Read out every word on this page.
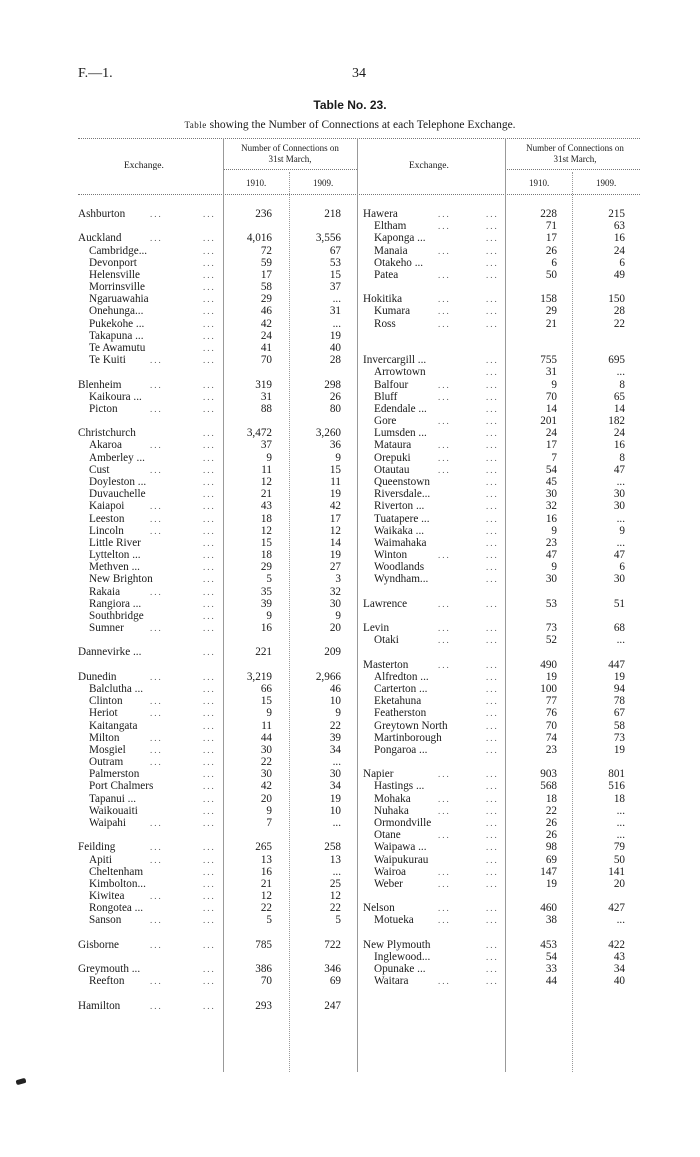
F.—1.	34
Table No. 23.
Table showing the Number of Connections at each Telephone Exchange.
Exchange.
Number of Connections on
31st March,
1910.	1909.
Exchange.
Number of Connections on
31st March,
1910.	1909.
Ashburton	...	...	236	218
Auckland	...	...	4,016	3,556
Cambridge...	...	72	67
Devonport	...	59	53
Helensville	...	17	15
Morrinsville	...	58	37
Ngaruawahia	...	29	...
Onehunga...	...	46	31
Pukekohe ...	...	42	...
Takapuna ...	...	24	19
Te Awamutu	...	41	40
Te Kuiti	...	...	70	28
Blenheim	...	...	319	298
Kaikoura ...	...	31	26
Picton	...	...	88	80
Christchurch	...	3,472	3,260
Akaroa	...	...	37	36
Amberley ...	...	9	9
Cust	...	...	11	15
Doyleston ...	...	12	11
Duvauchelle	...	21	19
Kaiapoi	...	...	43	42
Leeston	...	...	18	17
Lincoln	...	...	12	12
Little River	...	15	14
Lyttelton ...	...	18	19
Methven ...	...	29	27
New Brighton	...	5	3
Rakaia	...	...	35	32
Rangiora ...	...	39	30
Southbridge	...	9	9
Sumner	...	...	16	20
Dannevirke ...	...	221	209
Dunedin	...	...	3,219	2,966
Balclutha ...	...	66	46
Clinton	...	...	15	10
Heriot	...	...	9	9
Kaitangata	...	11	22
Milton	...	...	44	39
Mosgiel	...	...	30	34
Outram	...	...	22	...
Palmerston	...	30	30
Port Chalmers	...	42	34
Tapanui ...	...	20	19
Waikouaiti	...	9	10
Waipahi	...	...	7	...
Feilding	...	...	265	258
Apiti	...	...	13	13
Cheltenham	...	16	...
Kimbolton...	...	21	25
Kiwitea	...	...	12	12
Rongotea ...	...	22	22
Sanson	...	...	5	5
Gisborne	...	...	785	722
Greymouth ...	...	386	346
Reefton	...	...	70	69
Hamilton	...	...	293	247
Hawera	...	...	228	215
Eltham	...	...	71	63
Kaponga ...	...	17	16
Manaia	...	...	26	24
Otakeho ...	...	6	6
Patea	...	...	50	49
Hokitika	...	...	158	150
Kumara	...	...	29	28
Ross	...	...	21	22
Invercargill ...	...	755	695
Arrowtown	...	31	...
Balfour	...	...	9	8
Bluff	...	...	70	65
Edendale ...	...	14	14
Gore	...	...	201	182
Lumsden ...	...	24	24
Mataura	...	...	17	16
Orepuki	...	...	7	8
Otautau	...	...	54	47
Queenstown	...	45	...
Riversdale...	...	30	30
Riverton ...	...	32	30
Tuatapere ...	...	16	...
Waikaka ...	...	9	9
Waimahaka	...	23	...
Winton	...	...	47	47
Woodlands	...	9	6
Wyndham...	...	30	30
Lawrence	...	...	53	51
Levin	...	...	73	68
Otaki	...	...	52	...
Masterton	...	...	490	447
Alfredton ...	...	19	19
Carterton ...	...	100	94
Eketahuna	...	77	78
Featherston	...	76	67
Greytown North	...	70	58
Martinborough	...	74	73
Pongaroa ...	...	23	19
Napier	...	...	903	801
Hastings ...	...	568	516
Mohaka	...	...	18	18
Nuhaka	...	...	22	...
Ormondville	...	26	...
Otane	...	...	26	...
Waipawa ...	...	98	79
Waipukurau	...	69	50
Wairoa	...	...	147	141
Weber	...	...	19	20
Nelson	...	...	460	427
Motueka	...	...	38	...
New Plymouth	...	453	422
Inglewood...	...	54	43
Opunake ...	...	33	34
Waitara	...	...	44	40
